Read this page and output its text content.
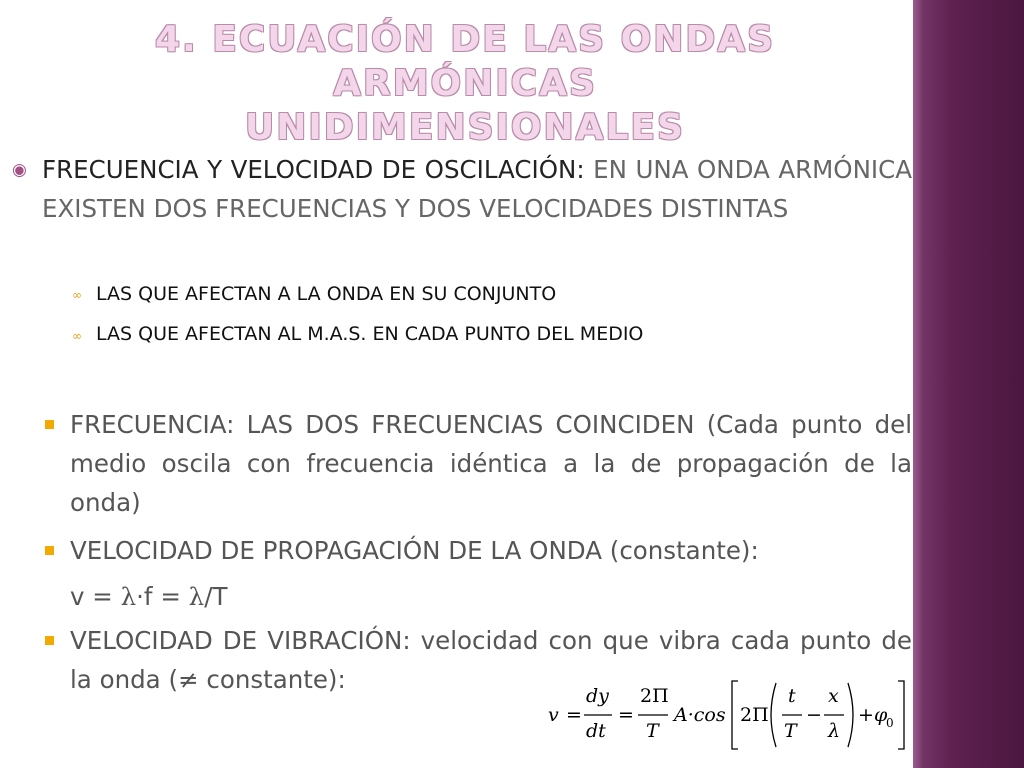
4. ECUACIÓN DE LAS ONDAS ARMÓNICAS
UNIDIMENSIONALES
◉ FRECUENCIA Y VELOCIDAD DE OSCILACIÓN: EN UNA ONDA ARMÓNICA EXISTEN DOS FRECUENCIAS Y DOS VELOCIDADES DISTINTAS

∞ LAS QUE AFECTAN A LA ONDA EN SU CONJUNTO

∞ LAS QUE AFECTAN AL M.A.S. EN CADA PUNTO DEL MEDIO

FRECUENCIA: LAS DOS FRECUENCIAS COINCIDEN (Cada punto del medio oscila con frecuencia idéntica a la de propagación de la onda)

VELOCIDAD DE PROPAGACIÓN DE LA ONDA (constante):

v = λ·f = λ/T

VELOCIDAD DE VIBRACIÓN: velocidad con que vibra cada punto de la onda (≠ constante):

v =
dy
dt
=
2Π
T
A·cos 2Π
t
T
−
x
λ
+ φ
0
